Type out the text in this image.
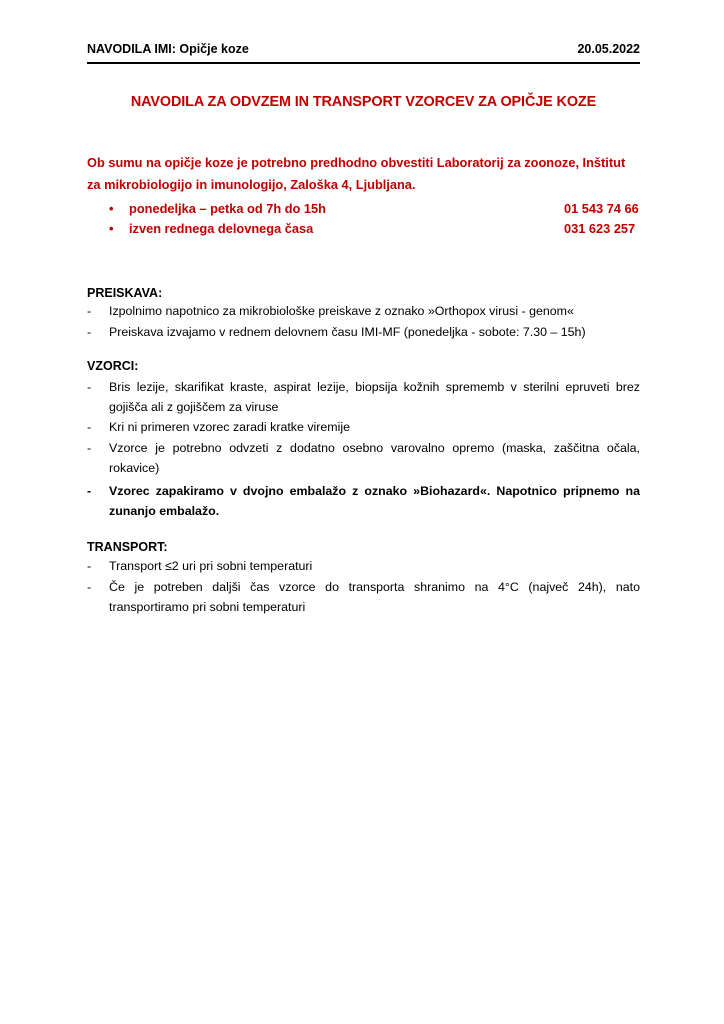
NAVODILA IMI: Opičje koze	20.05.2022
NAVODILA ZA ODVZEM IN TRANSPORT VZORCEV ZA OPIČJE KOZE
Ob sumu na opičje koze je potrebno predhodno obvestiti Laboratorij za zoonoze, Inštitut
za mikrobiologijo in imunologijo, Zaloška 4, Ljubljana.
• ponedeljka – petka od 7h do 15h	01 543 74 66
• izven rednega delovnega časa	031 623 257
PREISKAVA:
- Izpolnimo napotnico za mikrobiološke preiskave z oznako »Orthopox virusi - genom«
- Preiskava izvajamo v rednem delovnem času IMI-MF (ponedeljka - sobote: 7.30 – 15h)
VZORCI:
- Bris lezije, skarifikat kraste, aspirat lezije, biopsija kožnih sprememb v sterilni epruveti brez gojišča ali z gojiščem za viruse
- Kri ni primeren vzorec zaradi kratke viremije
- Vzorce je potrebno odvzeti z dodatno osebno varovalno opremo (maska, zaščitna očala, rokavice)
- Vzorec zapakiramo v dvojno embalažo z oznako »Biohazard«. Napotnico pripnemo na zunanjo embalažo.
TRANSPORT:
- Transport ≤2 uri pri sobni temperaturi
- Če je potreben daljši čas vzorce do transporta shranimo na 4°C (največ 24h), nato transportiramo pri sobni temperaturi
